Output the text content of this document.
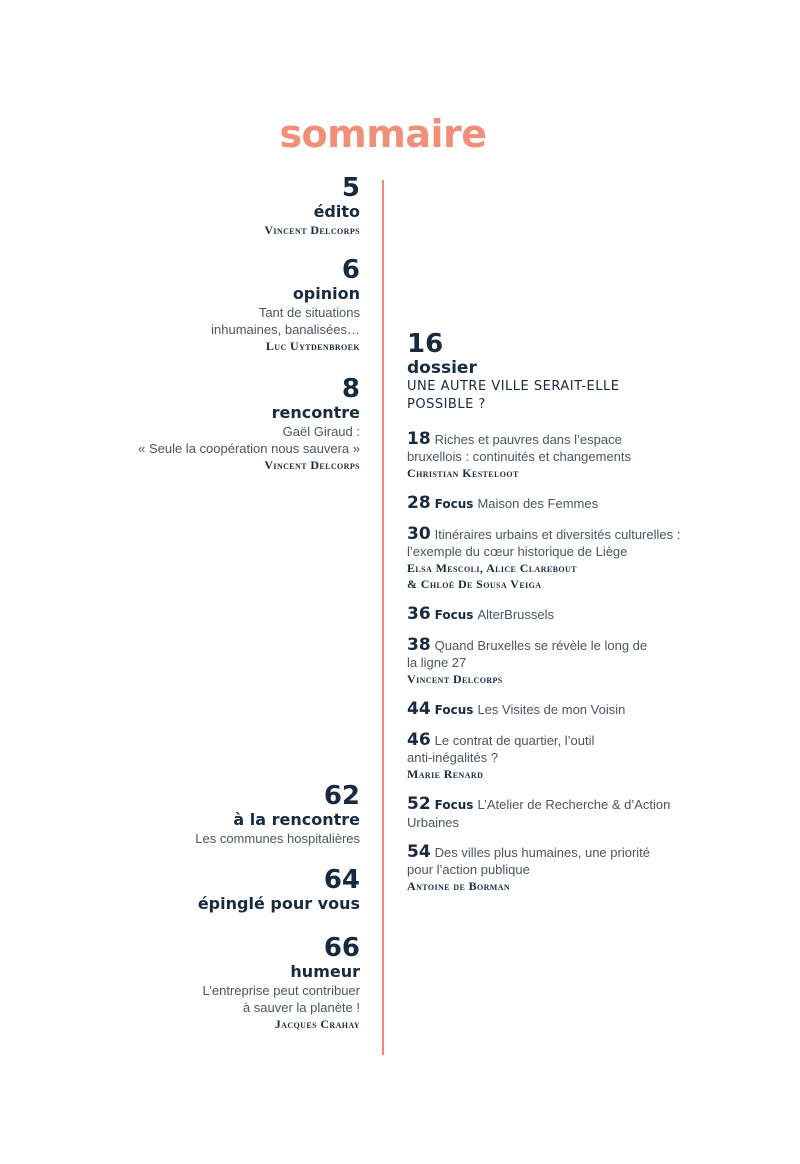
sommaire
5
édito
Vincent Delcorps
6
opinion
Tant de situations
inhumaines, banalisées…
Luc Uytdenbroek
8
rencontre
Gaël Giraud :
« Seule la coopération nous sauvera »
Vincent Delcorps
62
à la rencontre
Les communes hospitalières
64
épinglé pour vous
66
humeur
L’entreprise peut contribuer
à sauver la planète !
Jacques Crahay
16
dossier
UNE AUTRE VILLE SERAIT-ELLE
POSSIBLE ?
18 Riches et pauvres dans l’espace
bruxellois : continuités et changements
Christian Kesteloot
28 Focus Maison des Femmes
30 Itinéraires urbains et diversités culturelles :
l’exemple du cœur historique de Liège
Elsa Mescoli, Alice Clarebout
& Chloé De Sousa Veiga
36 Focus AlterBrussels
38 Quand Bruxelles se révèle le long de
la ligne 27
Vincent Delcorps
44 Focus Les Visites de mon Voisin
46 Le contrat de quartier, l’outil
anti-inégalités ?
Marie Renard
52 Focus L’Atelier de Recherche & d’Action
Urbaines
54 Des villes plus humaines, une priorité
pour l’action publique
Antoine de Borman
